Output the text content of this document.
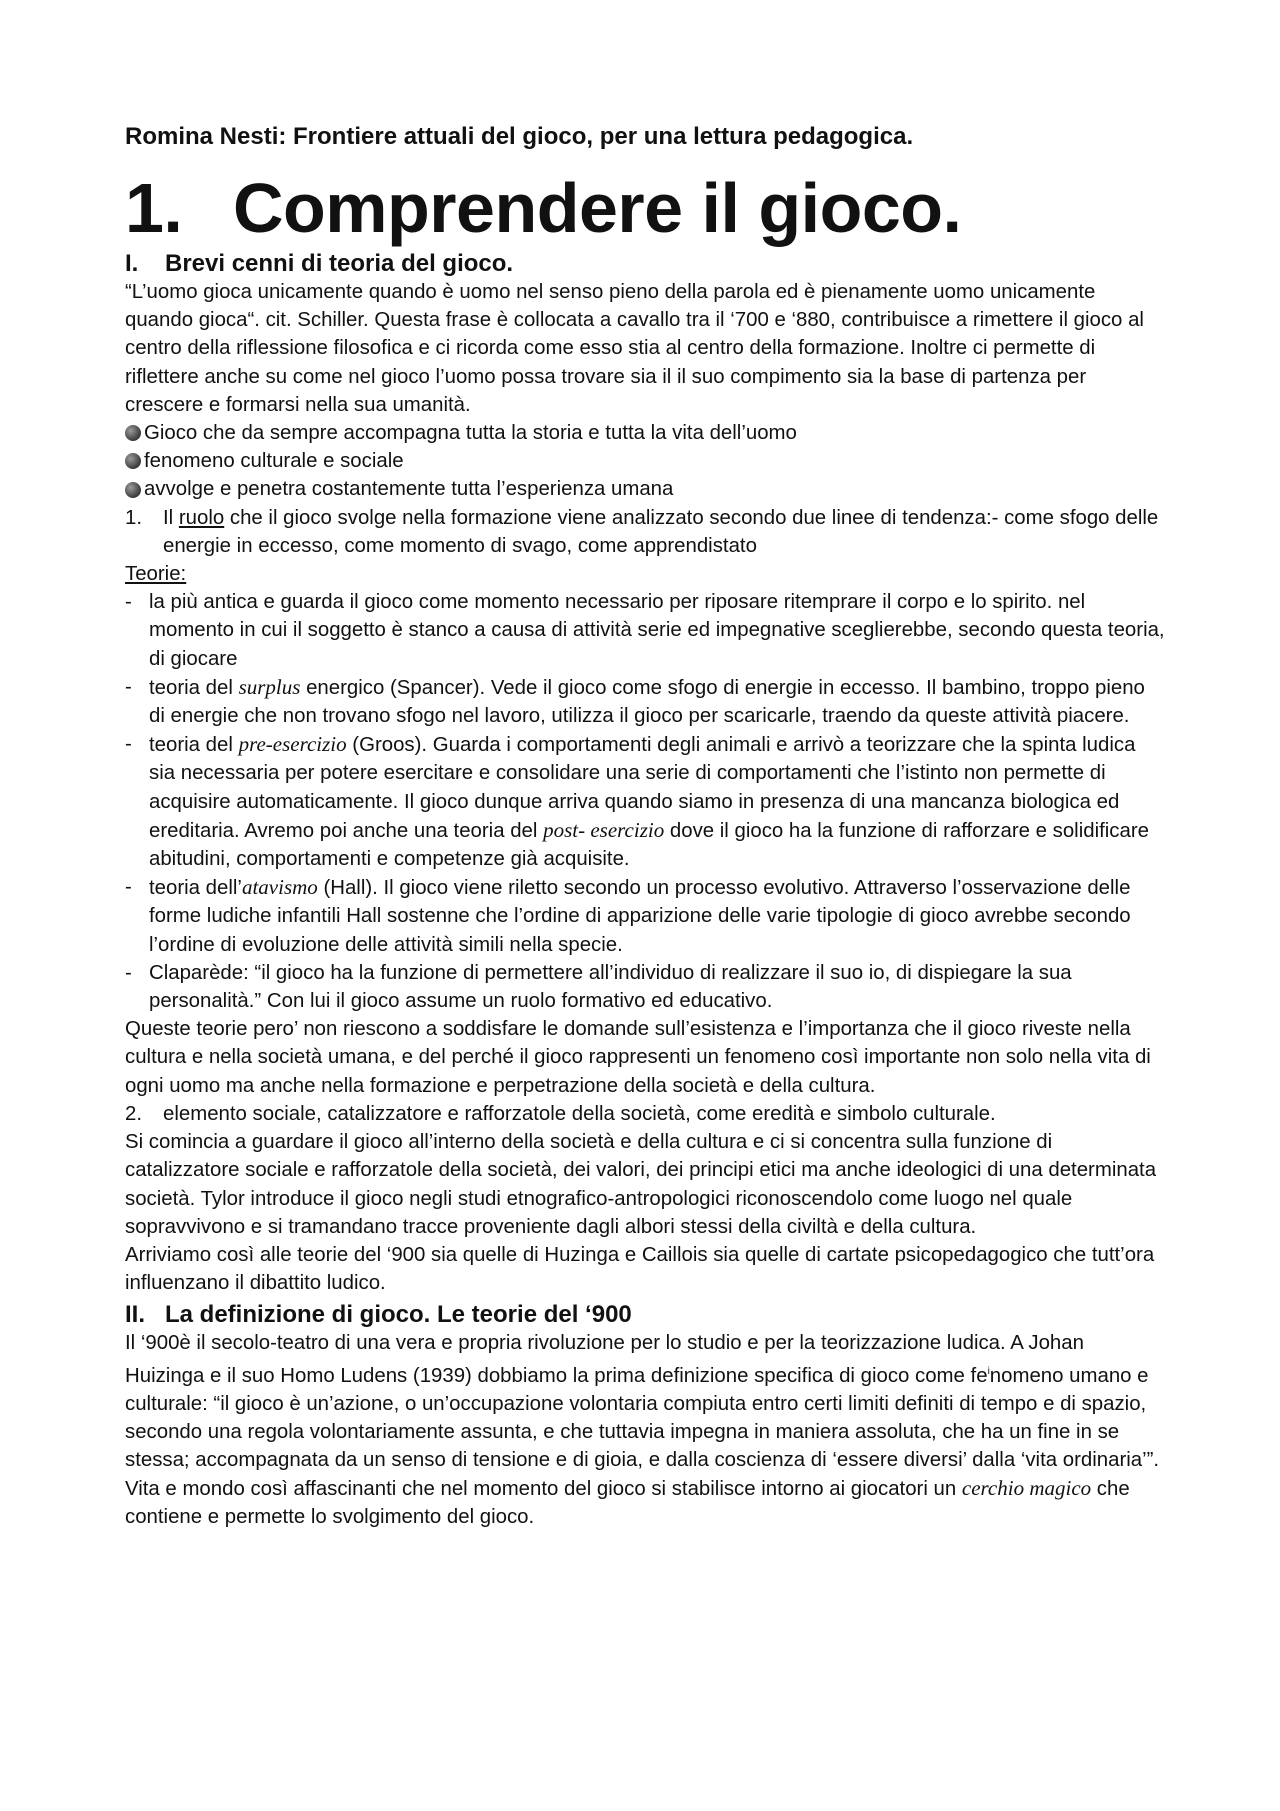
Romina Nesti: Frontiere attuali del gioco, per una lettura pedagogica.
1. Comprendere il gioco.
I. Brevi cenni di teoria del gioco.

“L’uomo gioca unicamente quando è uomo nel senso pieno della parola ed è pienamente uomo unicamente quando gioca“. cit. Schiller. Questa frase è collocata a cavallo tra il ‘700 e ‘880, contribuisce a rimettere il gioco al centro della riflessione filosofica e ci ricorda come esso stia al centro della formazione. Inoltre ci permette di riflettere anche su come nel gioco l’uomo possa trovare sia il il suo compimento sia la base di partenza per crescere e formarsi nella sua umanità.

Gioco che da sempre accompagna tutta la storia e tutta la vita dell’uomo
fenomeno culturale e sociale
avvolge e penetra costantemente tutta l’esperienza umana
1.	Il ruolo che il gioco svolge nella formazione viene analizzato secondo due linee di tendenza:- come sfogo delle energie in eccesso, come momento di svago, come apprendistato
Teorie:
- la più antica e guarda il gioco come momento necessario per riposare ritemprare il corpo e lo spirito. nel momento in cui il soggetto è stanco a causa di attività serie ed impegnative sceglierebbe, secondo questa teoria, di giocare
- teoria del surplus energico (Spancer). Vede il gioco come sfogo di energie in eccesso. Il bambino, troppo pieno di energie che non trovano sfogo nel lavoro, utilizza il gioco per scaricarle, traendo da queste attività piacere.
- teoria del pre-esercizio (Groos). Guarda i comportamenti degli animali e arrivò a teorizzare che la spinta ludica sia necessaria per potere esercitare e consolidare una serie di comportamenti che l’istinto non permette di acquisire automaticamente. Il gioco dunque arriva quando siamo in presenza di una mancanza biologica ed ereditaria. Avremo poi anche una teoria del post- esercizio dove il gioco ha la funzione di rafforzare e solidificare abitudini, comportamenti e competenze già acquisite.
- teoria dell’atavismo (Hall). Il gioco viene riletto secondo un processo evolutivo. Attraverso l’osservazione delle forme ludiche infantili Hall sostenne che l’ordine di apparizione delle varie tipologie di gioco avrebbe secondo l’ordine di evoluzione delle attività simili nella specie.
- Claparède: “il gioco ha la funzione di permettere all’individuo di realizzare il suo io, di dispiegare la sua personalità.” Con lui il gioco assume un ruolo formativo ed educativo.

Queste teorie pero’ non riescono a soddisfare le domande sull’esistenza e l’importanza che il gioco riveste nella cultura e nella società umana, e del perché il gioco rappresenti un fenomeno così importante non solo nella vita di ogni uomo ma anche nella formazione e perpetrazione della società e della cultura.

2. elemento sociale, catalizzatore e rafforzatole della società, come eredità e simbolo culturale.

Si comincia a guardare il gioco all’interno della società e della cultura e ci si concentra sulla funzione di catalizzatore sociale e rafforzatole della società, dei valori, dei principi etici ma anche ideologici di una determinata società. Tylor introduce il gioco negli studi etnografico-antropologici riconoscendolo come luogo nel quale sopravvivono e si tramandano tracce proveniente dagli albori stessi della civiltà e della cultura.

Arriviamo così alle teorie del ‘900 sia quelle di Huzinga e Caillois sia quelle di cartate psicopedagogico che tutt’ora influenzano il dibattito ludico.

II. La definizione di gioco. Le teorie del ‘900

Il ‘900è il secolo-teatro di una vera e propria rivoluzione per lo studio e per la teorizzazione ludica. A Johan Huizinga e il suo Homo Ludens (1939) dobbiamo la prima definizione specifica di gioco come $fe^inomeno$ umano e culturale: “il gioco è un’azione, o un’occupazione volontaria compiuta entro certi limiti definiti di tempo e di spazio, secondo una regola volontariamente assunta, e che tuttavia impegna in maniera assoluta, che ha un fine in se stessa; accompagnata da un senso di tensione e di gioia, e dalla coscienza di ‘essere diversi’ dalla ‘vita ordinaria’”. Vita e mondo così affascinanti che nel momento del gioco si stabilisce intorno ai giocatori un cerchio magico che contiene e permette lo svolgimento del gioco.
